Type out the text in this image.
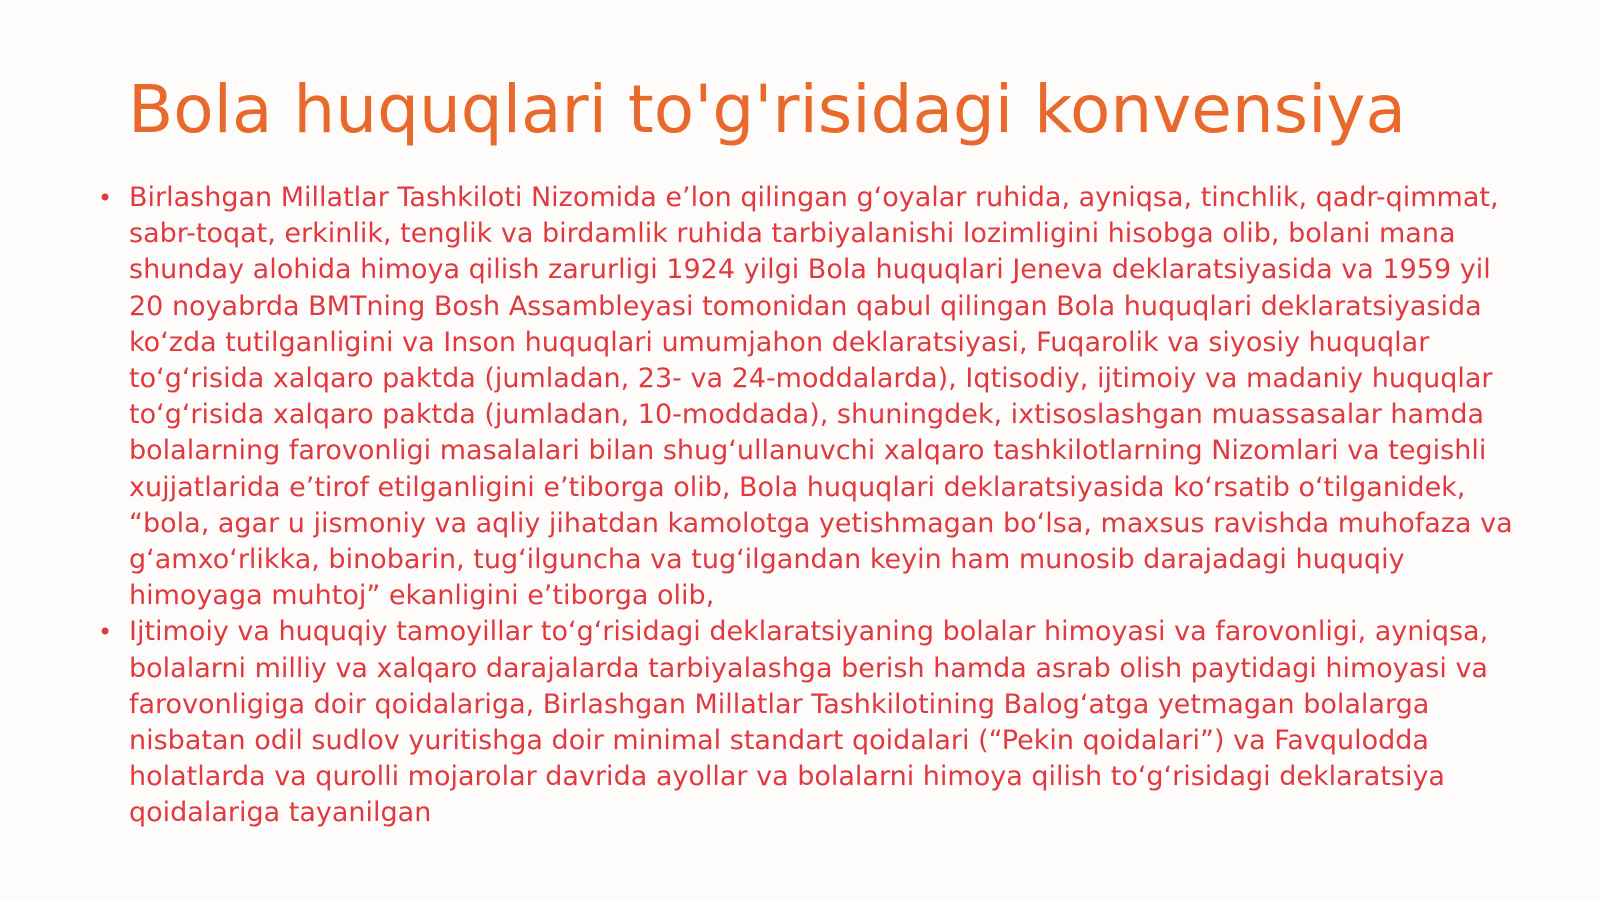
Bola huquqlari to'g'risidagi konvensiya
• Birlashgan Millatlar Tashkiloti Nizomida e’lon qilingan g‘oyalar ruhida, ayniqsa, tinchlik, qadr-qimmat, sabr-toqat, erkinlik, tenglik va birdamlik ruhida tarbiyalanishi lozimligini hisobga olib, bolani mana shunday alohida himoya qilish zarurligi 1924 yilgi Bola huquqlari Jeneva deklaratsiyasida va 1959 yil 20 noyabrda BMTning Bosh Assambleyasi tomonidan qabul qilingan Bola huquqlari deklaratsiyasida ko‘zda tutilganligini va Inson huquqlari umumjahon deklaratsiyasi, Fuqarolik va siyosiy huquqlar to‘g‘risida xalqaro paktda (jumladan, 23- va 24-moddalarda), Iqtisodiy, ijtimoiy va madaniy huquqlar to‘g‘risida xalqaro paktda (jumladan, 10-moddada), shuningdek, ixtisoslashgan muassasalar hamda bolalarning farovonligi masalalari bilan shug‘ullanuvchi xalqaro tashkilotlarning Nizomlari va tegishli xujjatlarida e’tirof etilganligini e’tiborga olib, Bola huquqlari deklaratsiyasida ko‘rsatib o‘tilganidek, “bola, agar u jismoniy va aqliy jihatdan kamolotga yetishmagan bo‘lsa, maxsus ravishda muhofaza va g‘amxo‘rlikka, binobarin, tug‘ilguncha va tug‘ilgandan keyin ham munosib darajadagi huquqiy himoyaga muhtoj” ekanligini e’tiborga olib,
• Ijtimoiy va huquqiy tamoyillar to‘g‘risidagi deklaratsiyaning bolalar himoyasi va farovonligi, ayniqsa, bolalarni milliy va xalqaro darajalarda tarbiyalashga berish hamda asrab olish paytidagi himoyasi va farovonligiga doir qoidalariga, Birlashgan Millatlar Tashkilotining Balog‘atga yetmagan bolalarga nisbatan odil sudlov yuritishga doir minimal standart qoidalari (“Pekin qoidalari”) va Favqulodda holatlarda va qurolli mojarolar davrida ayollar va bolalarni himoya qilish to‘g‘risidagi deklaratsiya qoidalariga tayanilgan
